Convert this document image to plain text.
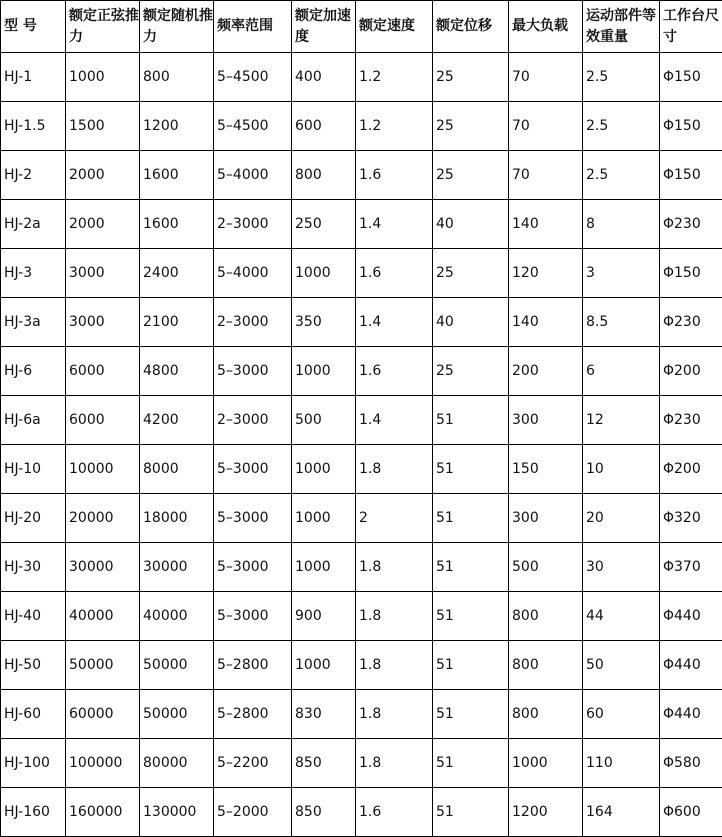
型 号	额定正弦推力	额定随机推力	频率范围	额定加速度	额定速度	额定位移	最大负载	运动部件等效重量	工作台尺寸
HJ-1	1000	800	5–4500	400	1.2	25	70	2.5	Φ150
HJ-1.5	1500	1200	5–4500	600	1.2	25	70	2.5	Φ150
HJ-2	2000	1600	5–4000	800	1.6	25	70	2.5	Φ150
HJ-2a	2000	1600	2–3000	250	1.4	40	140	8	Φ230
HJ-3	3000	2400	5–4000	1000	1.6	25	120	3	Φ150
HJ-3a	3000	2100	2–3000	350	1.4	40	140	8.5	Φ230
HJ-6	6000	4800	5–3000	1000	1.6	25	200	6	Φ200
HJ-6a	6000	4200	2–3000	500	1.4	51	300	12	Φ230
HJ-10	10000	8000	5–3000	1000	1.8	51	150	10	Φ200
HJ-20	20000	18000	5–3000	1000	2	51	300	20	Φ320
HJ-30	30000	30000	5–3000	1000	1.8	51	500	30	Φ370
HJ-40	40000	40000	5–3000	900	1.8	51	800	44	Φ440
HJ-50	50000	50000	5–2800	1000	1.8	51	800	50	Φ440
HJ-60	60000	50000	5–2800	830	1.8	51	800	60	Φ440
HJ-100	100000	80000	5–2200	850	1.8	51	1000	110	Φ580
HJ-160	160000	130000	5–2000	850	1.6	51	1200	164	Φ600
